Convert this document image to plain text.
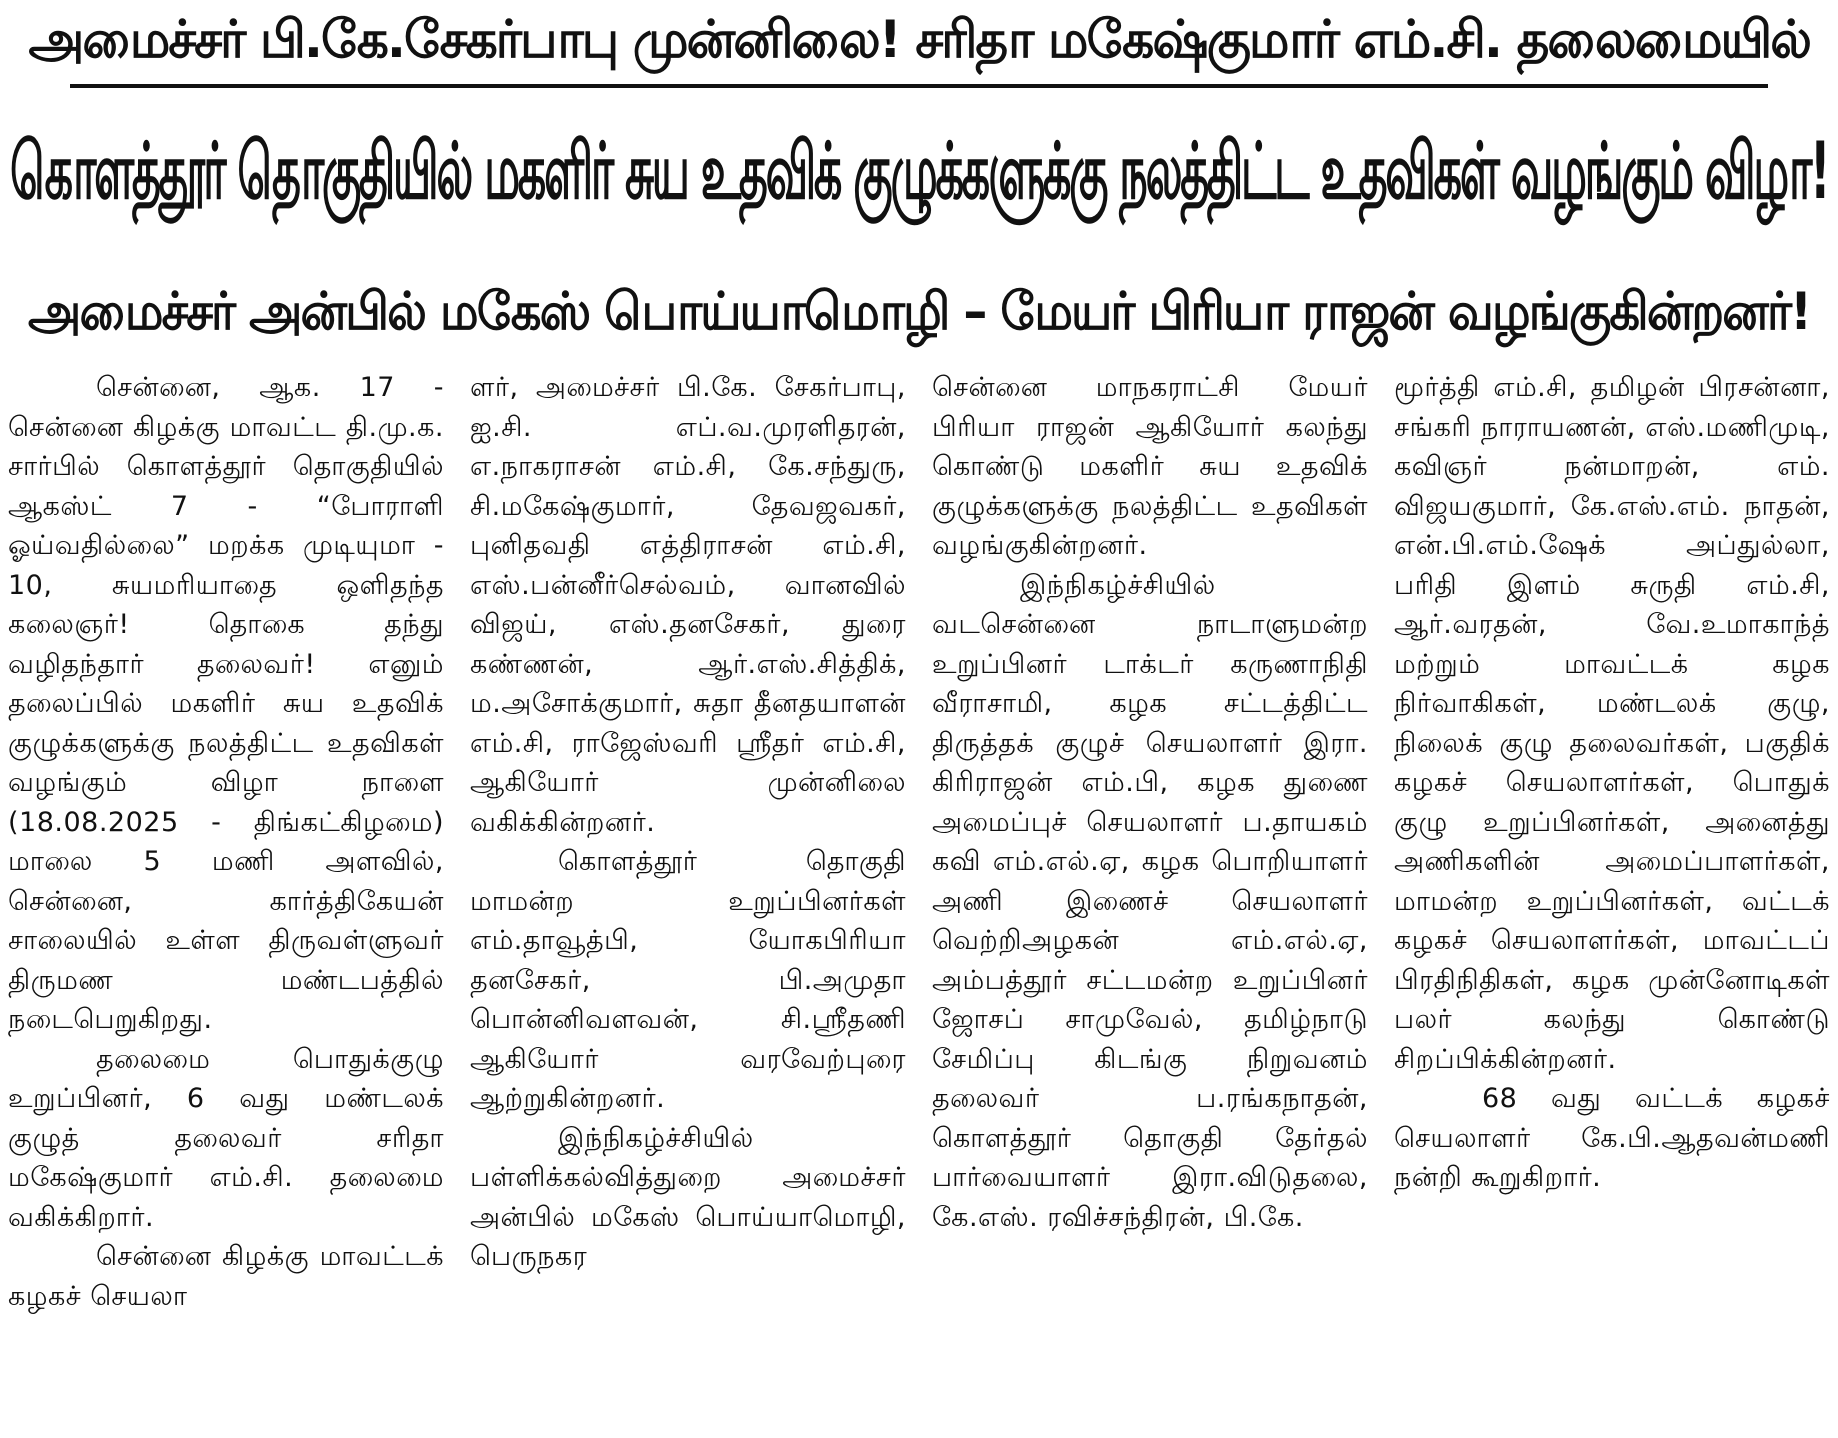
அமைச்சர் பி.கே.சேகர்பாபு முன்னிலை! சரிதா மகேஷ்குமார் எம்.சி. தலைமையில்
கொளத்தூர் தொகுதியில் மகளிர் சுய உதவிக் குழுக்களுக்கு நலத்திட்ட உதவிகள் வழங்கும் விழா!
அமைச்சர் அன்பில் மகேஸ் பொய்யாமொழி – மேயர் பிரியா ராஜன் வழங்குகின்றனர்!

சென்னை, ஆக. 17 - சென்னை கிழக்கு மாவட்ட தி.மு.க. சார்பில் கொளத்தூர் தொகுதியில் ஆகஸ்ட் 7 - “போராளி ஓய்வதில்லை” மறக்க முடியுமா - 10, சுயமரியாதை ஒளிதந்த கலைஞர்! தொகை தந்து வழிதந்தார் தலைவர்! எனும் தலைப்பில் மகளிர் சுய உதவிக் குழுக்களுக்கு நலத்திட்ட உதவிகள் வழங்கும் விழா நாளை (18.08.2025 - திங்கட்கிழமை) மாலை 5 மணி அளவில், சென்னை, கார்த்திகேயன் சாலையில் உள்ள திருவள்ளுவர் திருமண மண்டபத்தில் நடைபெறுகிறது.

தலைமை பொதுக்குழு உறுப்பினர், 6 வது மண்டலக் குழுத் தலைவர் சரிதா மகேஷ்குமார் எம்.சி. தலைமை வகிக்கிறார்.

சென்னை கிழக்கு மாவட்டக் கழகச் செயலா

ளர், அமைச்சர் பி.கே. சேகர்பாபு, ஐ.சி. எப்.வ.முரளிதரன், எ.நாகராசன் எம்.சி, கே.சந்துரு, சி.மகேஷ்குமார், தேவஜவகர், புனிதவதி எத்திராசன் எம்.சி, எஸ்.பன்னீர்செல்வம், வானவில் விஜய், எஸ்.தனசேகர், துரை கண்ணன், ஆர்.எஸ்.சித்திக், ம.அசோக்குமார், சுதா தீனதயாளன் எம்.சி, ராஜேஸ்வரி ஸ்ரீதர் எம்.சி, ஆகியோர் முன்னிலை வகிக்கின்றனர்.

கொளத்தூர் தொகுதி மாமன்ற உறுப்பினர்கள் எம்.தாவூத்பி, யோகபிரியா தனசேகர், பி.அமுதா பொன்னிவளவன், சி.ஸ்ரீதணி ஆகியோர் வரவேற்புரை ஆற்றுகின்றனர்.

இந்நிகழ்ச்சியில் பள்ளிக்கல்வித்துறை அமைச்சர் அன்பில் மகேஸ் பொய்யாமொழி, பெருநகர

சென்னை மாநகராட்சி மேயர் பிரியா ராஜன் ஆகியோர் கலந்து கொண்டு மகளிர் சுய உதவிக் குழுக்களுக்கு நலத்திட்ட உதவிகள் வழங்குகின்றனர்.

இந்நிகழ்ச்சியில் வடசென்னை நாடாளுமன்ற உறுப்பினர் டாக்டர் கருணாநிதி வீராசாமி, கழக சட்டத்திட்ட திருத்தக் குழுச் செயலாளர் இரா. கிரிராஜன் எம்.பி, கழக துணை அமைப்புச் செயலாளர் ப.தாயகம் கவி எம்.எல்.ஏ, கழக பொறியாளர் அணி இணைச் செயலாளர் வெற்றிஅழகன் எம்.எல்.ஏ, அம்பத்தூர் சட்டமன்ற உறுப்பினர் ஜோசப் சாமுவேல், தமிழ்நாடு சேமிப்பு கிடங்கு நிறுவனம் தலைவர் ப.ரங்கநாதன், கொளத்தூர் தொகுதி தேர்தல் பார்வையாளர் இரா.விடுதலை, கே.எஸ். ரவிச்சந்திரன், பி.கே.

மூர்த்தி எம்.சி, தமிழன் பிரசன்னா, சங்கரி நாராயணன், எஸ்.மணிமுடி, கவிஞர் நன்மாறன், எம். விஜயகுமார், கே.எஸ்.எம். நாதன், என்.பி.எம்.ஷேக் அப்துல்லா, பரிதி இளம் சுருதி எம்.சி, ஆர்.வரதன், வே.உமாகாந்த் மற்றும் மாவட்டக் கழக நிர்வாகிகள், மண்டலக் குழு, நிலைக் குழு தலைவர்கள், பகுதிக் கழகச் செயலாளர்கள், பொதுக் குழு உறுப்பினர்கள், அனைத்து அணிகளின் அமைப்பாளர்கள், மாமன்ற உறுப்பினர்கள், வட்டக் கழகச் செயலாளர்கள், மாவட்டப் பிரதிநிதிகள், கழக முன்னோடிகள் பலர் கலந்து கொண்டு சிறப்பிக்கின்றனர்.

68 வது வட்டக் கழகச் செயலாளர் கே.பி.ஆதவன்மணி நன்றி கூறுகிறார்.
